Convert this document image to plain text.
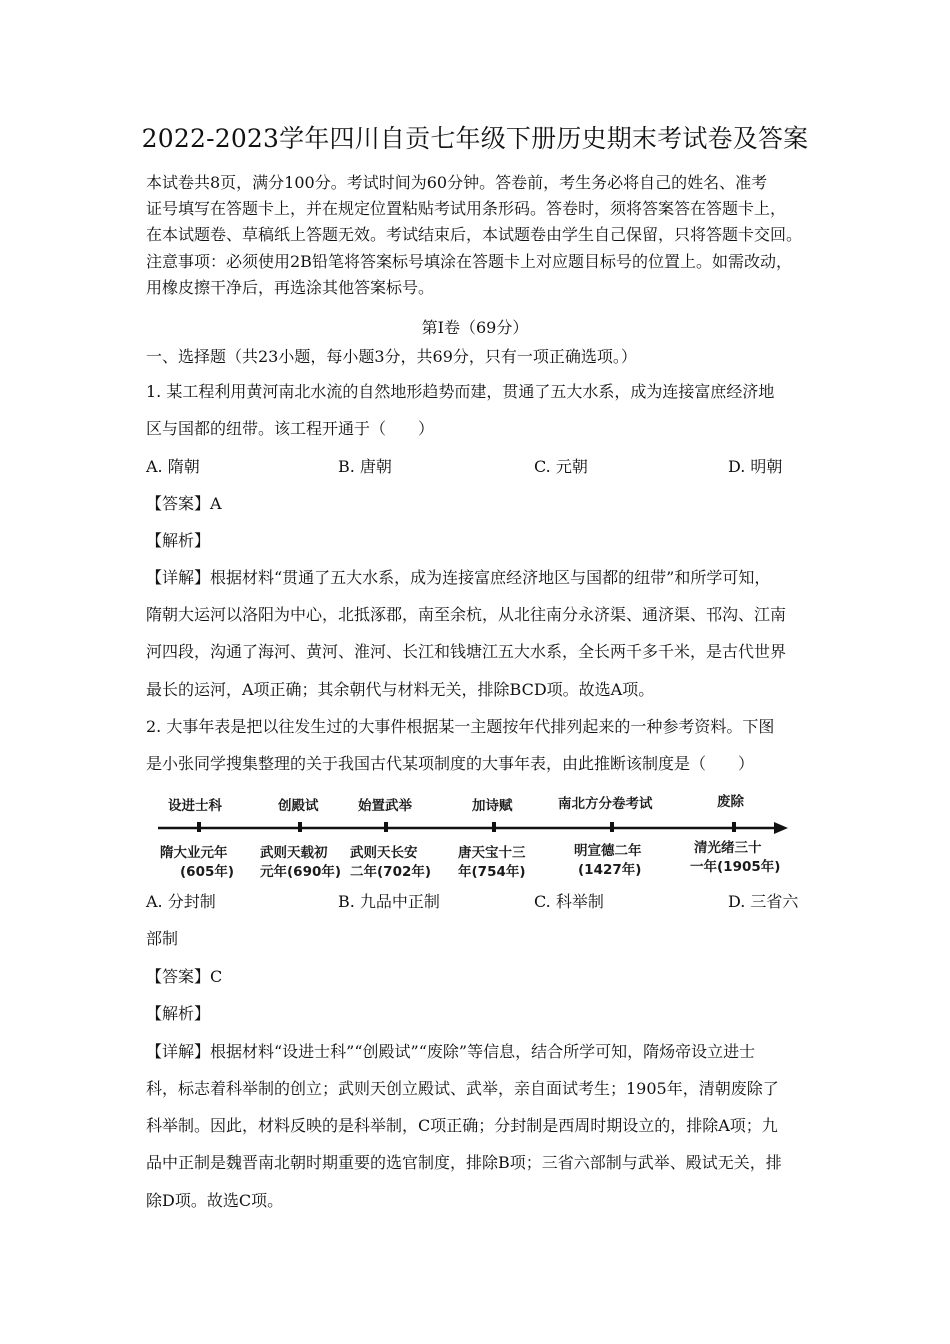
2022-2023学年四川自贡七年级下册历史期末考试卷及答案
本试卷共8页，满分100分。考试时间为60分钟。答卷前，考生务必将自己的姓名、准考
证号填写在答题卡上，并在规定位置粘贴考试用条形码。答卷时，须将答案答在答题卡上，
在本试题卷、草稿纸上答题无效。考试结束后，本试题卷由学生自己保留，只将答题卡交回。
注意事项：必须使用2B铅笔将答案标号填涂在答题卡上对应题目标号的位置上。如需改动，
用橡皮擦干净后，再选涂其他答案标号。
第Ⅰ卷（69分）
一、选择题（共23小题，每小题3分，共69分，只有一项正确选项。）
1. 某工程利用黄河南北水流的自然地形趋势而建，贯通了五大水系，成为连接富庶经济地
区与国都的纽带。该工程开通于（　　）
A. 隋朝	B. 唐朝	C. 元朝	D. 明朝
【答案】A
【解析】
【详解】根据材料“贯通了五大水系，成为连接富庶经济地区与国都的纽带”和所学可知，
隋朝大运河以洛阳为中心，北抵涿郡，南至余杭，从北往南分永济渠、通济渠、邗沟、江南
河四段，沟通了海河、黄河、淮河、长江和钱塘江五大水系，全长两千多千米，是古代世界
最长的运河，A项正确；其余朝代与材料无关，排除BCD项。故选A项。
2. 大事年表是把以往发生过的大事件根据某一主题按年代排列起来的一种参考资料。下图
是小张同学搜集整理的关于我国古代某项制度的大事年表，由此推断该制度是（　　）
设进士科
隋大业元年
(605年)
创殿试
武则天载初
元年(690年)
始置武举
武则天长安
二年(702年)
加诗赋
唐天宝十三
年(754年)
南北方分卷考试
明宣德二年
(1427年)
废除
清光绪三十
一年(1905年)
A. 分封制	B. 九品中正制	C. 科举制	D. 三省六
部制
【答案】C
【解析】
【详解】根据材料“设进士科”“创殿试”“废除”等信息，结合所学可知，隋炀帝设立进士
科，标志着科举制的创立；武则天创立殿试、武举，亲自面试考生；1905年，清朝废除了
科举制。因此，材料反映的是科举制，C项正确；分封制是西周时期设立的，排除A项；九
品中正制是魏晋南北朝时期重要的选官制度，排除B项；三省六部制与武举、殿试无关，排
除D项。故选C项。
